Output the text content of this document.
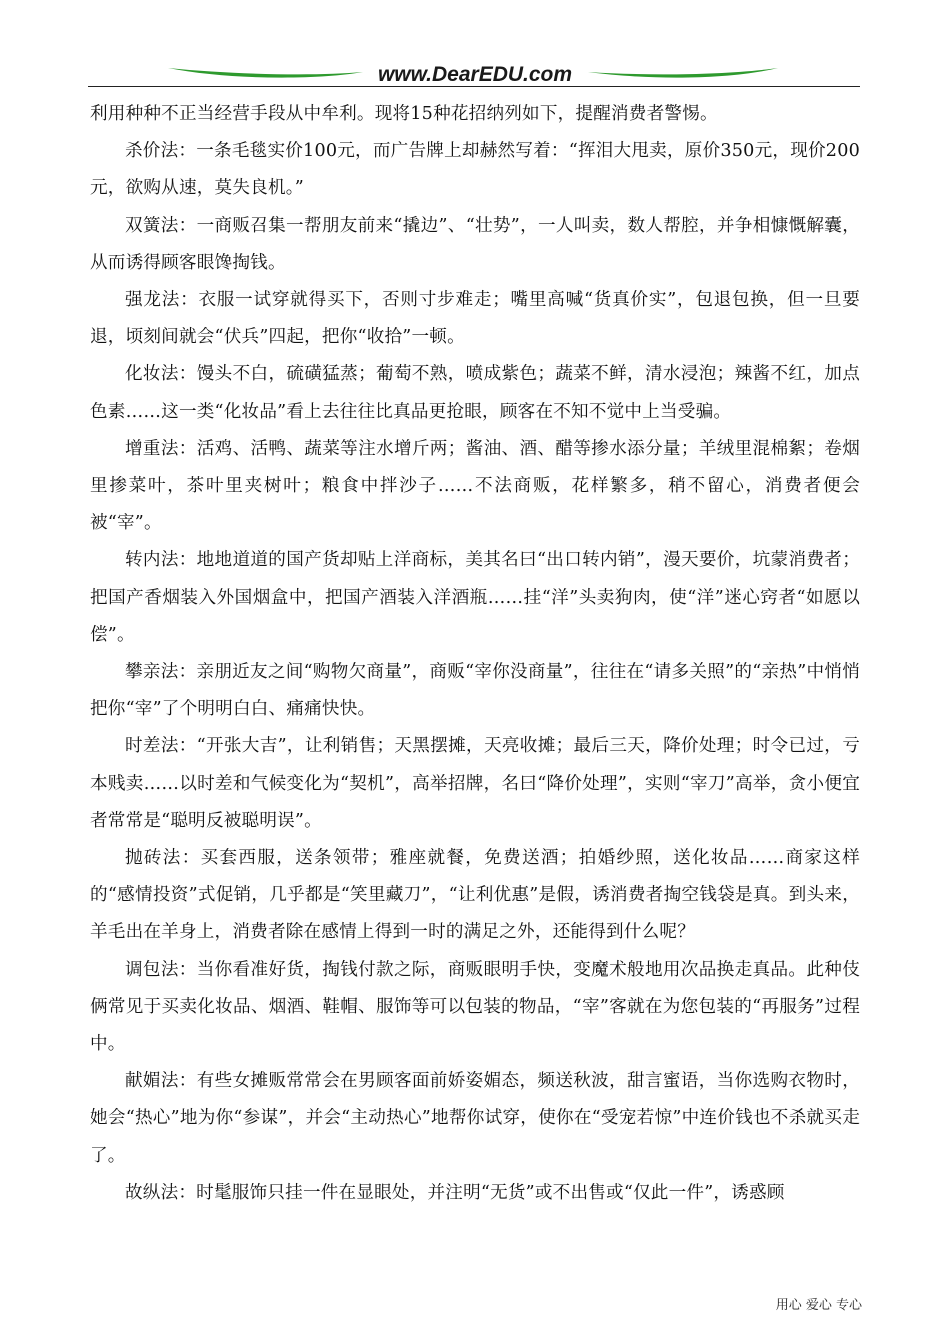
www.DearEDU.com

利用种种不正当经营手段从中牟利。现将15种花招纳列如下，提醒消费者警惕。

杀价法：一条毛毯实价100元，而广告牌上却赫然写着：“挥泪大甩卖，原价350元，现价200元，欲购从速，莫失良机。”

双簧法：一商贩召集一帮朋友前来“撬边”、“壮势”，一人叫卖，数人帮腔，并争相慷慨解囊，从而诱得顾客眼馋掏钱。

强龙法：衣服一试穿就得买下，否则寸步难走；嘴里高喊“货真价实”，包退包换，但一旦要退，顷刻间就会“伏兵”四起，把你“收拾”一顿。

化妆法：馒头不白，硫磺猛蒸；葡萄不熟，喷成紫色；蔬菜不鲜，清水浸泡；辣酱不红，加点色素……这一类“化妆品”看上去往往比真品更抢眼，顾客在不知不觉中上当受骗。

增重法：活鸡、活鸭、蔬菜等注水增斤两；酱油、酒、醋等掺水添分量；羊绒里混棉絮；卷烟里掺菜叶，茶叶里夹树叶；粮食中拌沙子……不法商贩，花样繁多，稍不留心，消费者便会被“宰”。

转内法：地地道道的国产货却贴上洋商标，美其名曰“出口转内销”，漫天要价，坑蒙消费者；把国产香烟装入外国烟盒中，把国产酒装入洋酒瓶……挂“洋”头卖狗肉，使“洋”迷心窍者“如愿以偿”。

攀亲法：亲朋近友之间“购物欠商量”，商贩“宰你没商量”，往往在“请多关照”的“亲热”中悄悄把你“宰”了个明明白白、痛痛快快。

时差法：“开张大吉”，让利销售；天黑摆摊，天亮收摊；最后三天，降价处理；时令已过，亏本贱卖……以时差和气候变化为“契机”，高举招牌，名曰“降价处理”，实则“宰刀”高举，贪小便宜者常常是“聪明反被聪明误”。

抛砖法：买套西服，送条领带；雅座就餐，免费送酒；拍婚纱照，送化妆品……商家这样的“感情投资”式促销，几乎都是“笑里藏刀”，“让利优惠”是假，诱消费者掏空钱袋是真。到头来，羊毛出在羊身上，消费者除在感情上得到一时的满足之外，还能得到什么呢？

调包法：当你看准好货，掏钱付款之际，商贩眼明手快，变魔术般地用次品换走真品。此种伎俩常见于买卖化妆品、烟酒、鞋帽、服饰等可以包装的物品，“宰”客就在为您包装的“再服务”过程中。

献媚法：有些女摊贩常常会在男顾客面前娇姿媚态，频送秋波，甜言蜜语，当你选购衣物时，她会“热心”地为你“参谋”，并会“主动热心”地帮你试穿，使你在“受宠若惊”中连价钱也不杀就买走了。

故纵法：时髦服饰只挂一件在显眼处，并注明“无货”或不出售或“仅此一件”，诱惑顾

用心 爱心 专心
